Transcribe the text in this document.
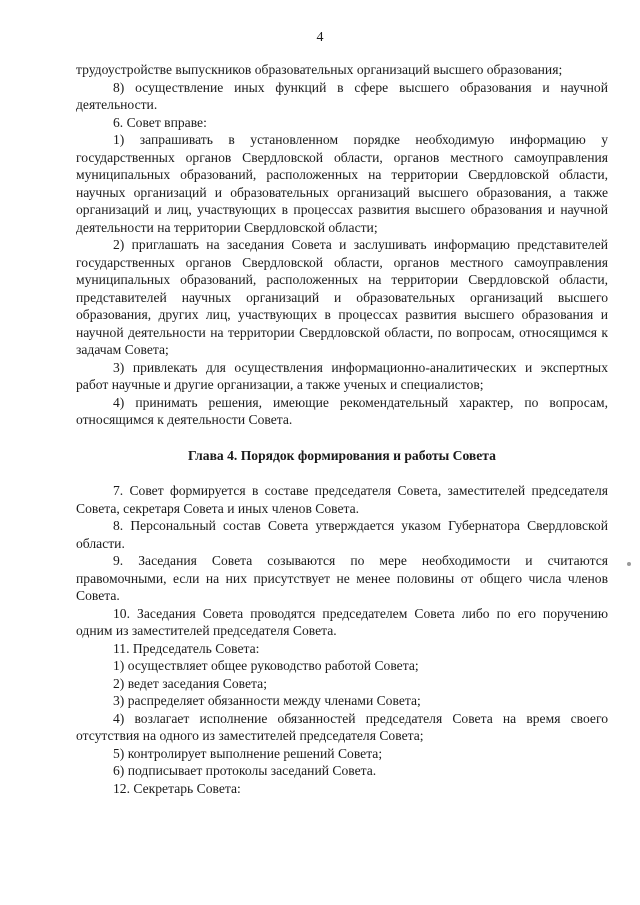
4

трудоустройстве выпускников образовательных организаций высшего образования;

8) осуществление иных функций в сфере высшего образования и научной деятельности.

6. Совет вправе:

1) запрашивать в установленном порядке необходимую информацию у государственных органов Свердловской области, органов местного самоуправления муниципальных образований, расположенных на территории Свердловской области, научных организаций и образовательных организаций высшего образования, а также организаций и лиц, участвующих в процессах развития высшего образования и научной деятельности на территории Свердловской области;

2) приглашать на заседания Совета и заслушивать информацию представителей государственных органов Свердловской области, органов местного самоуправления муниципальных образований, расположенных на территории Свердловской области, представителей научных организаций и образовательных организаций высшего образования, других лиц, участвующих в процессах развития высшего образования и научной деятельности на территории Свердловской области, по вопросам, относящимся к задачам Совета;

3) привлекать для осуществления информационно-аналитических и экспертных работ научные и другие организации, а также ученых и специалистов;

4) принимать решения, имеющие рекомендательный характер, по вопросам, относящимся к деятельности Совета.

Глава 4. Порядок формирования и работы Совета

7. Совет формируется в составе председателя Совета, заместителей председателя Совета, секретаря Совета и иных членов Совета.

8. Персональный состав Совета утверждается указом Губернатора Свердловской области.

9. Заседания Совета созываются по мере необходимости и считаются правомочными, если на них присутствует не менее половины от общего числа членов Совета.

10. Заседания Совета проводятся председателем Совета либо по его поручению одним из заместителей председателя Совета.

11. Председатель Совета:

1) осуществляет общее руководство работой Совета;

2) ведет заседания Совета;

3) распределяет обязанности между членами Совета;

4) возлагает исполнение обязанностей председателя Совета на время своего отсутствия на одного из заместителей председателя Совета;

5) контролирует выполнение решений Совета;

6) подписывает протоколы заседаний Совета.

12. Секретарь Совета:
